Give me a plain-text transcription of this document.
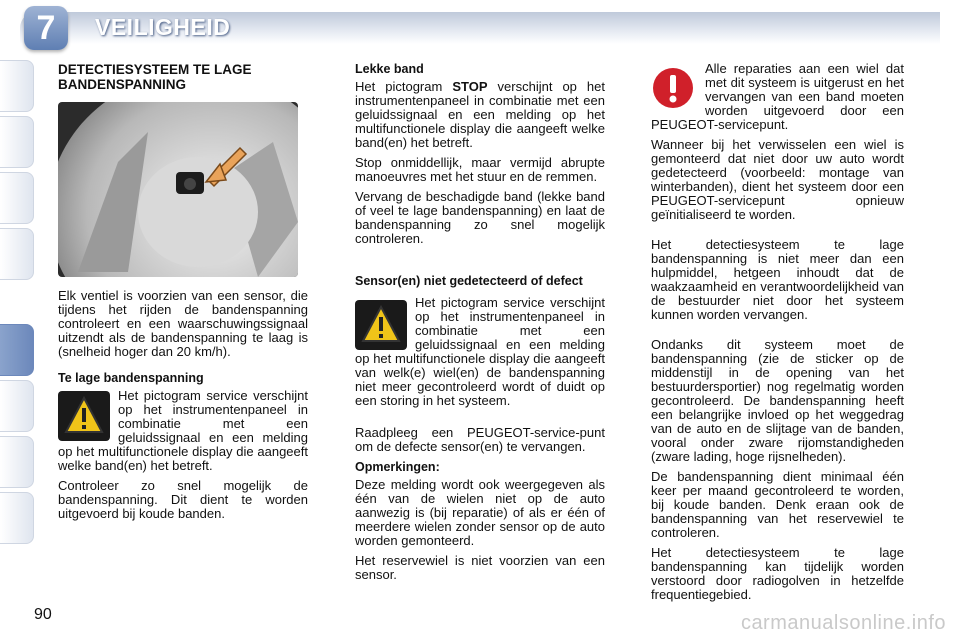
7	VEILIGHEID
DETECTIESYSTEEM TE LAGE BANDENSPANNING

Elk ventiel is voorzien van een sensor, die tijdens het rijden de bandenspanning controleert en een waarschuwingssignaal uitzendt als de bandenspanning te laag is (snelheid hoger dan 20 km/h).

Te lage bandenspanning

Het pictogram service verschijnt op het instrumentenpaneel in combinatie met een geluidssignaal en een melding op het multifunctionele display die aangeeft welke band(en) het betreft.

Controleer zo snel mogelijk de bandenspanning. Dit dient te worden uitgevoerd bij koude banden.

Lekke band

Het pictogram STOP verschijnt op het instrumentenpaneel in combinatie met een geluidssignaal en een melding op het multifunctionele display die aangeeft welke band(en) het betreft.

Stop onmiddellijk, maar vermijd abrupte manoeuvres met het stuur en de remmen.

Vervang de beschadigde band (lekke band of veel te lage bandenspanning) en laat de bandenspanning zo snel mogelijk controleren.

Sensor(en) niet gedetecteerd of defect

Het pictogram service verschijnt op het instrumentenpaneel in combinatie met een geluidssignaal en een melding op het multifunctionele display die aangeeft van welk(e) wiel(en) de bandenspanning niet meer gecontroleerd wordt of duidt op een storing in het systeem.

Raadpleeg een PEUGEOT-service-punt om de defecte sensor(en) te vervangen.

Opmerkingen:

Deze melding wordt ook weergegeven als één van de wielen niet op de auto aanwezig is (bij reparatie) of als er één of meerdere wielen zonder sensor op de auto worden gemonteerd.

Het reservewiel is niet voorzien van een sensor.

Alle reparaties aan een wiel dat met dit systeem is uitgerust en het vervangen van een band moeten worden uitgevoerd door een PEUGEOT-servicepunt.

Wanneer bij het verwisselen een wiel is gemonteerd dat niet door uw auto wordt gedetecteerd (voorbeeld: montage van winterbanden), dient het systeem door een PEUGEOT-servicepunt opnieuw geïnitialiseerd te worden.

Het detectiesysteem te lage bandenspanning is niet meer dan een hulpmiddel, hetgeen inhoudt dat de waakzaamheid en verantwoordelijkheid van de bestuurder niet door het systeem kunnen worden vervangen.

Ondanks dit systeem moet de bandenspanning (zie de sticker op de middenstijl in de opening van het bestuurdersportier) nog regelmatig worden gecontroleerd. De bandenspanning heeft een belangrijke invloed op het weggedrag van de auto en de slijtage van de banden, vooral onder zware rijomstandigheden (zware lading, hoge rijsnelheden).

De bandenspanning dient minimaal één keer per maand gecontroleerd te worden, bij koude banden. Denk eraan ook de bandenspanning van het reservewiel te controleren.

Het detectiesysteem te lage bandenspanning kan tijdelijk worden verstoord door radiogolven in hetzelfde frequentiegebied.

90	carmanualsonline.info
